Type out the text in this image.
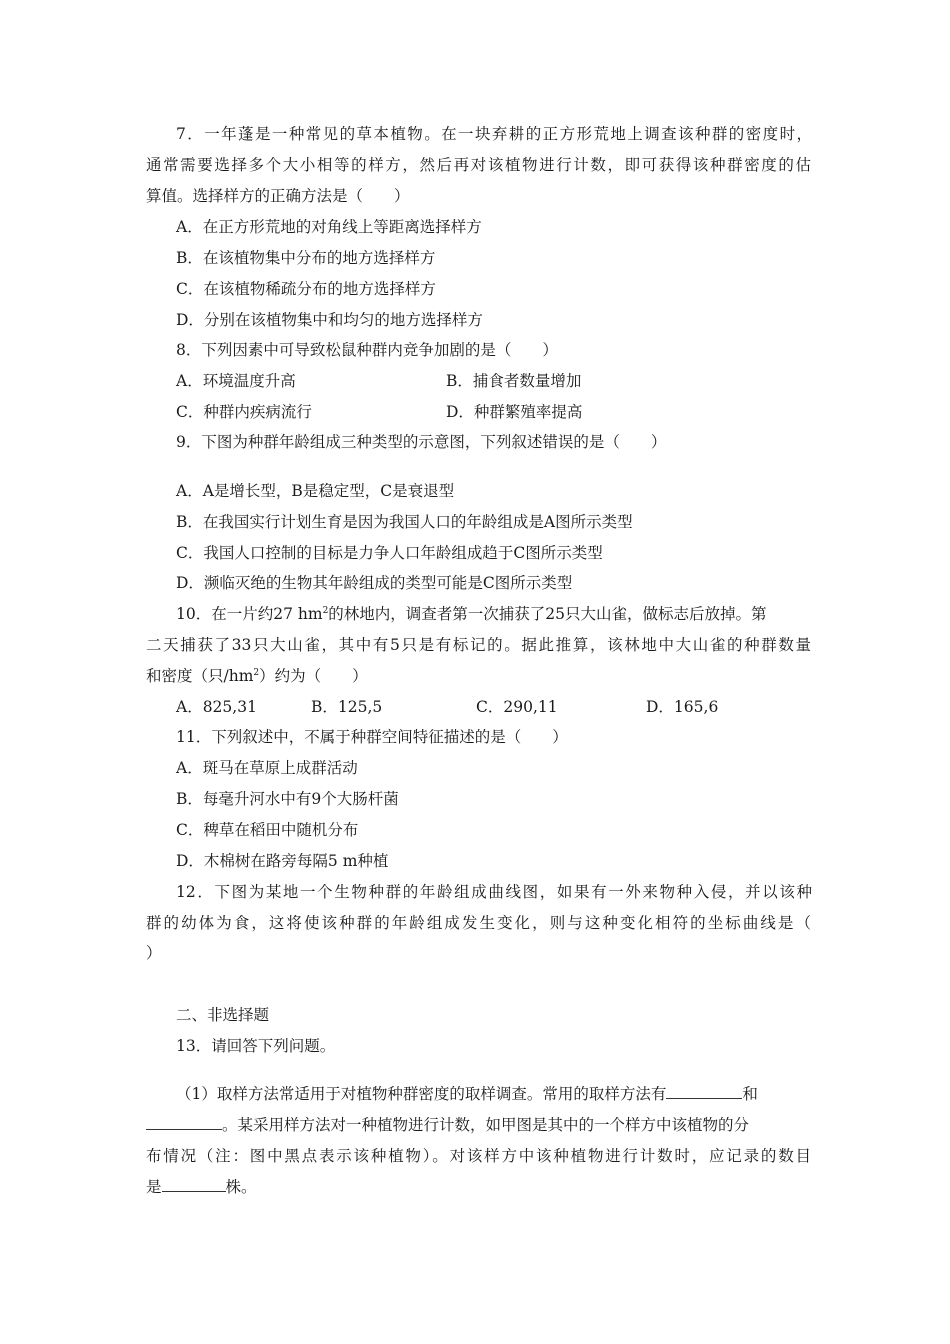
7．一年蓬是一种常见的草本植物。在一块弃耕的正方形荒地上调查该种群的密度时，
通常需要选择多个大小相等的样方，然后再对该植物进行计数，即可获得该种群密度的估
算值。选择样方的正确方法是（　　）
A．在正方形荒地的对角线上等距离选择样方
B．在该植物集中分布的地方选择样方
C．在该植物稀疏分布的地方选择样方
D．分别在该植物集中和均匀的地方选择样方
8．下列因素中可导致松鼠种群内竞争加剧的是（　　）
A．环境温度升高	B．捕食者数量增加
C．种群内疾病流行	D．种群繁殖率提高
9．下图为种群年龄组成三种类型的示意图，下列叙述错误的是（　　）
A．A是增长型，B是稳定型，C是衰退型
B．在我国实行计划生育是因为我国人口的年龄组成是A图所示类型
C．我国人口控制的目标是力争人口年龄组成趋于C图所示类型
D．濒临灭绝的生物其年龄组成的类型可能是C图所示类型
10．在一片约27 $hm^2$的林地内，调查者第一次捕获了25只大山雀，做标志后放掉。第
二天捕获了33只大山雀，其中有5只是有标记的。据此推算，该林地中大山雀的种群数量
和密度（只$/hm^2$）约为（　　）
A．825,31	B．125,5	C．290,11	D．165,6
11．下列叙述中，不属于种群空间特征描述的是（　　）
A．斑马在草原上成群活动
B．每毫升河水中有9个大肠杆菌
C．稗草在稻田中随机分布
D．木棉树在路旁每隔5 m种植
12．下图为某地一个生物种群的年龄组成曲线图，如果有一外来物种入侵，并以该种
群的幼体为食，这将使该种群的年龄组成发生变化，则与这种变化相符的坐标曲线是（
）
二、非选择题
13．请回答下列问题。
（1）取样方法常适用于对植物种群密度的取样调查。常用的取样方法有	和
。某采用样方法对一种植物进行计数，如甲图是其中的一个样方中该植物的分
布情况（注：图中黑点表示该种植物）。对该样方中该种植物进行计数时，应记录的数目
是	株。
